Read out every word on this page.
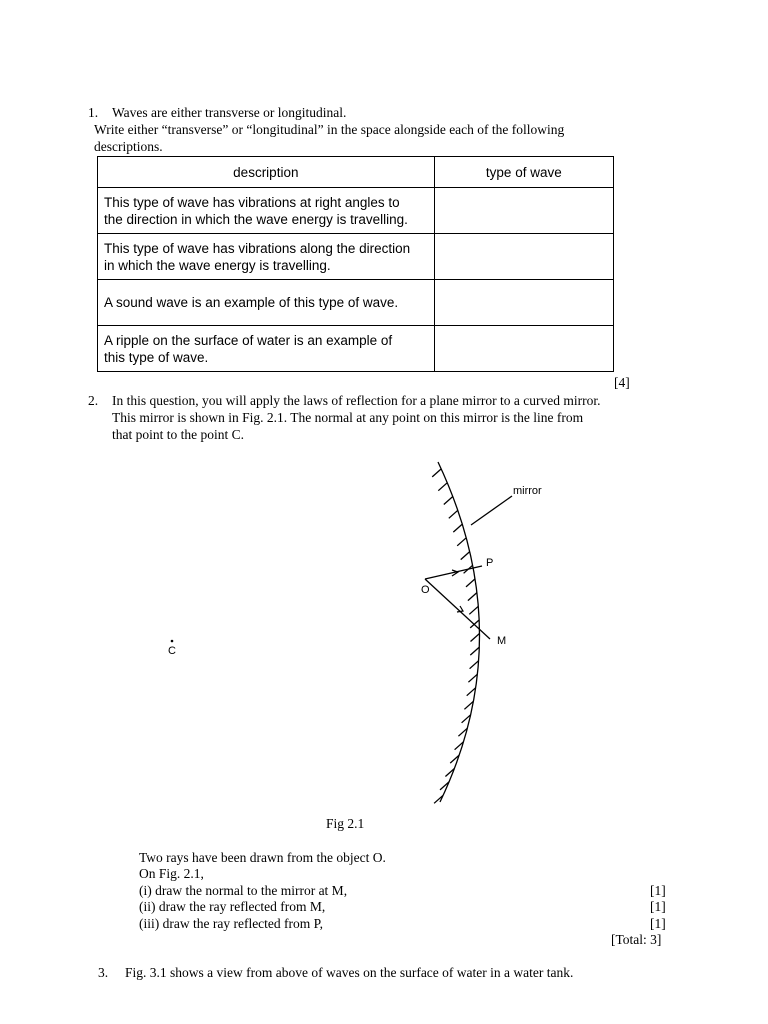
1. Waves are either transverse or longitudinal.
Write either “transverse” or “longitudinal” in the space alongside each of the following
descriptions.
description	type of wave
This type of wave has vibrations at right angles to
the direction in which the wave energy is travelling.	
This type of wave has vibrations along the direction
in which the wave energy is travelling.	
A sound wave is an example of this type of wave.	
A ripple on the surface of water is an example of
this type of wave.	
[4]
2. In this question, you will apply the laws of reflection for a plane mirror to a curved mirror.
This mirror is shown in Fig. 2.1. The normal at any point on this mirror is the line from
that point to the point C.
mirror
P
O
M
C
Fig 2.1
Two rays have been drawn from the object O.
On Fig. 2.1,
(i) draw the normal to the mirror at M,	[1]
(ii) draw the ray reflected from M,	[1]
(iii) draw the ray reflected from P,	[1]
[Total: 3]
3. Fig. 3.1 shows a view from above of waves on the surface of water in a water tank.
